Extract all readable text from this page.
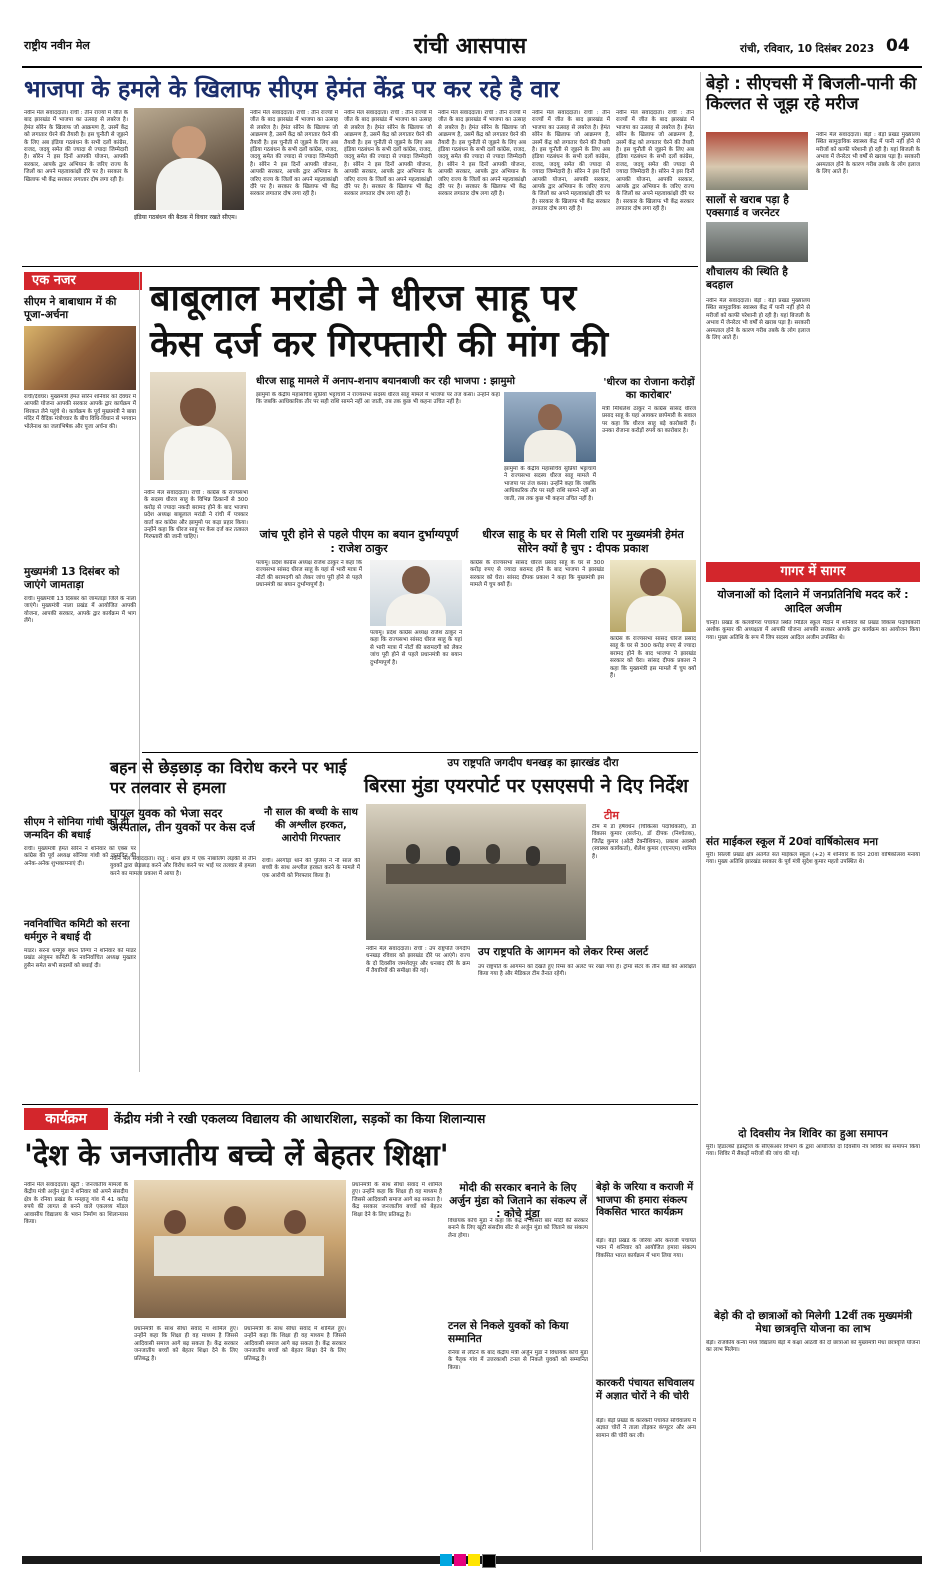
राष्ट्रीय नवीन मेल	रांची आसपास	रांची, रविवार, 10 दिसंबर 2023 04
भाजपा के हमले के खिलाफ सीएम हेमंत केंद्र पर कर रहे है वार
नवीन मेल संवाददाता। रांची : तीन राज्यों में जीत के बाद झारखंड में भाजपा का उत्साह से लबरेज है। हेमंत सोरेन के खिलाफ जो आक्रमण है, उसमें केंद्र को लगातार घेरने की तैयारी है। इस चुनौती से जूझने के लिए अब इंडिया गठबंधन के सभी दलों कांग्रेस, राजद, जदयू समेत की ज्यादा से ज्यादा जिम्मेदारी है। सोरेन ने इस दिनों आपकी योजना, आपकी सरकार, आपके द्वार अभियान के जरिए राज्य के जिलों का अपने महत्वाकांक्षी दौरे पर है। सरकार के खिलाफ भी केंद्र सरकार लगातार दोष लगा रही है।
इंडिया गठबंधन की बैठक में विचार रखते सीएम।
नवीन मेल संवाददाता। रांची : तीन राज्यों में जीत के बाद झारखंड में भाजपा का उत्साह से लबरेज है। हेमंत सोरेन के खिलाफ जो आक्रमण है, उसमें केंद्र को लगातार घेरने की तैयारी है। इस चुनौती से जूझने के लिए अब इंडिया गठबंधन के सभी दलों कांग्रेस, राजद, जदयू समेत की ज्यादा से ज्यादा जिम्मेदारी है। सोरेन ने इस दिनों आपकी योजना, आपकी सरकार, आपके द्वार अभियान के जरिए राज्य के जिलों का अपने महत्वाकांक्षी दौरे पर है। सरकार के खिलाफ भी केंद्र सरकार लगातार दोष लगा रही है।
नवीन मेल संवाददाता। रांची : तीन राज्यों में जीत के बाद झारखंड में भाजपा का उत्साह से लबरेज है। हेमंत सोरेन के खिलाफ जो आक्रमण है, उसमें केंद्र को लगातार घेरने की तैयारी है। इस चुनौती से जूझने के लिए अब इंडिया गठबंधन के सभी दलों कांग्रेस, राजद, जदयू समेत की ज्यादा से ज्यादा जिम्मेदारी है। सोरेन ने इस दिनों आपकी योजना, आपकी सरकार, आपके द्वार अभियान के जरिए राज्य के जिलों का अपने महत्वाकांक्षी दौरे पर है। सरकार के खिलाफ भी केंद्र सरकार लगातार दोष लगा रही है।
नवीन मेल संवाददाता। रांची : तीन राज्यों में जीत के बाद झारखंड में भाजपा का उत्साह से लबरेज है। हेमंत सोरेन के खिलाफ जो आक्रमण है, उसमें केंद्र को लगातार घेरने की तैयारी है। इस चुनौती से जूझने के लिए अब इंडिया गठबंधन के सभी दलों कांग्रेस, राजद, जदयू समेत की ज्यादा से ज्यादा जिम्मेदारी है। सोरेन ने इस दिनों आपकी योजना, आपकी सरकार, आपके द्वार अभियान के जरिए राज्य के जिलों का अपने महत्वाकांक्षी दौरे पर है। सरकार के खिलाफ भी केंद्र सरकार लगातार दोष लगा रही है।
नवीन मेल संवाददाता। रांची : तीन राज्यों में जीत के बाद झारखंड में भाजपा का उत्साह से लबरेज है। हेमंत सोरेन के खिलाफ जो आक्रमण है, उसमें केंद्र को लगातार घेरने की तैयारी है। इस चुनौती से जूझने के लिए अब इंडिया गठबंधन के सभी दलों कांग्रेस, राजद, जदयू समेत की ज्यादा से ज्यादा जिम्मेदारी है। सोरेन ने इस दिनों आपकी योजना, आपकी सरकार, आपके द्वार अभियान के जरिए राज्य के जिलों का अपने महत्वाकांक्षी दौरे पर है। सरकार के खिलाफ भी केंद्र सरकार लगातार दोष लगा रही है।
नवीन मेल संवाददाता। रांची : तीन राज्यों में जीत के बाद झारखंड में भाजपा का उत्साह से लबरेज है। हेमंत सोरेन के खिलाफ जो आक्रमण है, उसमें केंद्र को लगातार घेरने की तैयारी है। इस चुनौती से जूझने के लिए अब इंडिया गठबंधन के सभी दलों कांग्रेस, राजद, जदयू समेत की ज्यादा से ज्यादा जिम्मेदारी है। सोरेन ने इस दिनों आपकी योजना, आपकी सरकार, आपके द्वार अभियान के जरिए राज्य के जिलों का अपने महत्वाकांक्षी दौरे पर है। सरकार के खिलाफ भी केंद्र सरकार लगातार दोष लगा रही है।
एक नजर
सीएम ने बाबाधाम में की पूजा-अर्चना
रांची/देवघर। मुख्यमंत्री हेमंत सोरेन शनिवार को देवघर में आपकी योजना आपकी सरकार आपके द्वार कार्यक्रम में शिरकत लेने पहुंचे थे। कार्यक्रम के पूर्व मुख्यमंत्री ने बाबा मंदिर में वैदिक मंत्रोच्चार के बीच विधि-विधान से भगवान भोलेनाथ का जलाभिषेक और पूजा अर्चना की।
मुख्यमंत्री 13 दिसंबर को जाएंगे जामताड़ा
रांची। मुख्यमंत्री 13 दिसंबर को जामताड़ा जिले के नाला जाएंगे। मुख्यमंत्री नाला प्रखंड में आयोजित आपकी योजना, आपकी सरकार, आपके द्वार कार्यक्रम में भाग लेंगे।
सीएम ने सोनिया गांधी को दी जन्मदिन की बधाई
रांची। मुख्यमंत्री हेमंत सोरेन ने शनिवार को एक्स पर कांग्रेस की पूर्व अध्यक्ष सोनिया गांधी को जन्मदिन की अनेक-अनेक शुभकामनाएं दी।
नवनिर्वाचित कमिटी को सरना धर्मगुरु ने बधाई दी
मांडर। सरना धर्मगुरु बंधन तिग्गा ने शनिवार को मांडर प्रखंड अंजुमन कमिटी के नवनिर्वाचित अध्यक्ष मुख्तार हुसैन समेत सभी सदस्यों को बधाई दी।
बाबूलाल मरांडी ने धीरज साहू पर
केस दर्ज कर गिरफ्तारी की मांग की
नवीन मेल संवाददाता। रांची : कांग्रेस के राज्यसभा के सदस्य धीरज साहू के विभिन्न ठिकानों से 300 करोड़ से ज्यादा नकदी बरामद होने के बाद भाजपा प्रदेश अध्यक्ष बाबूलाल मरांडी ने रांची में पत्रकार वार्ता कर कांग्रेस और झामुमो पर कड़ा प्रहार किया। उन्होंने कहा कि धीरज साहू पर केस दर्ज कर तत्काल गिरफ्तारी की जानी चाहिए।
धीरज साहू मामले में अनाप-शनाप बयानबाजी कर रही भाजपा : झामुमो
झामुमो के केंद्रीय महासचिव सुप्रियो भट्टाचार्य ने राज्यसभा सदस्य धीरज साहू मामले में भाजपा पर तंज कसा। उन्होंने कहा कि जबकि आधिकारिक तौर पर सही राशि सामने नहीं आ जाती, तब तक कुछ भी कहना उचित नहीं है।
झामुमो के केंद्रीय महासचिव सुप्रियो भट्टाचार्य ने राज्यसभा सदस्य धीरज साहू मामले में भाजपा पर तंज कसा। उन्होंने कहा कि जबकि आधिकारिक तौर पर सही राशि सामने नहीं आ जाती, तब तक कुछ भी कहना उचित नहीं है।
'धीरज का रोजाना करोड़ों का कारोबार'
मंत्री मिथिलेश ठाकुर ने कांग्रेस सांसद धीरज प्रसाद साहू के यहां आयकर छापेमारी के सवाल पर कहा कि धीरज साहू बड़े कारोबारी हैं। उनका रोजाना करोड़ों रुपये का कारोबार है।
जांच पूरी होने से पहले पीएम का बयान दुर्भाग्यपूर्ण : राजेश ठाकुर
पलामू। प्रदेश कांग्रेस अध्यक्ष राजेश ठाकुर ने कहा कि राज्यसभा सांसद धीरज साहू के यहां से भारी मात्रा में नोटों की बरामदगी को लेकर जांच पूरी होने से पहले प्रधानमंत्री का बयान दुर्भाग्यपूर्ण है।
पलामू। प्रदेश कांग्रेस अध्यक्ष राजेश ठाकुर ने कहा कि राज्यसभा सांसद धीरज साहू के यहां से भारी मात्रा में नोटों की बरामदगी को लेकर जांच पूरी होने से पहले प्रधानमंत्री का बयान दुर्भाग्यपूर्ण है।
धीरज साहू के घर से मिली राशि पर मुख्यमंत्री हेमंत सोरेन क्यों है चुप : दीपक प्रकाश
कांग्रेस के राज्यसभा सांसद धीरज प्रसाद साहू के घर से 300 करोड़ रुपए से ज्यादा बरामद होने के बाद भाजपा ने झारखंड सरकार को घेरा। सांसद दीपक प्रकाश ने कहा कि मुख्यमंत्री इस मामले में चुप क्यों हैं।
कांग्रेस के राज्यसभा सांसद धीरज प्रसाद साहू के घर से 300 करोड़ रुपए से ज्यादा बरामद होने के बाद भाजपा ने झारखंड सरकार को घेरा। सांसद दीपक प्रकाश ने कहा कि मुख्यमंत्री इस मामले में चुप क्यों हैं।
बहन से छेड़छाड़ का विरोध करने पर भाई पर तलवार से हमला
घायल युवक को भेजा सदर अस्पताल, तीन युवकों पर केस दर्ज
नवीन मेल संवाददाता। रातू : थाना क्षेत्र में एक नाबालिग लड़की से तीन युवकों द्वारा छेड़छाड़ करने और विरोध करने पर भाई पर तलवार से हमला करने का मामला प्रकाश में आया है।
नौ साल की बच्ची के साथ की अश्लील हरकत, आरोपी गिरफ्तार
रांची। अरगोड़ा थाने की पुलिस ने नौ साल की बच्ची के साथ अश्लील हरकत करने के मामले में एक आरोपी को गिरफ्तार किया है।
उप राष्ट्रपति जगदीप धनखड़ का झारखंड दौरा
बिरसा मुंडा एयरपोर्ट पर एसएसपी ने दिए निर्देश
टीम
टीम में डॉ हर्षवर्धन (चिकित्सा पदाधिकारी), डॉ विकास कुमार (सर्जन), डॉ दीपक (निश्चेतक), जितेंद्र कुमार (ओटी टेक्नीशियन), प्रकाश अवस्थी (स्वास्थ्य कार्यकर्ता), शैलेश कुमार (एएनएम) शामिल हैं।
नवीन मेल संवाददाता। रांची : उप राष्ट्रपति जगदीप धनखड़ रविवार को झारखंड दौरे पर आएंगे। राज्य के दो दिवसीय जमशेदपुर और धनबाद दौरे के क्रम में तैयारियों की समीक्षा की गई।
उप राष्ट्रपति के आगमन को लेकर रिम्स अलर्ट
उप राष्ट्रपति के आगमन को देखते हुए रिम्स को अलर्ट पर रखा गया है। ट्रॉमा सेंटर के तीन बेडों को आरक्षित किया गया है और मेडिकल टीम तैनात रहेगी।
बेड़ो : सीएचसी में बिजली-पानी की किल्लत से जूझ रहे मरीज
सालों से खराब पड़ा है एक्सगार्ड व जरनेटर
शौचालय की स्थिति है बदहाल
नवीन मेल संवाददाता। बेड़ो : बेड़ो प्रखंड मुख्यालय स्थित सामुदायिक स्वास्थ्य केंद्र में पानी नहीं होने से मरीजों को काफी परेशानी हो रही है। यहां बिजली के अभाव में जेनरेटर भी वर्षों से खराब पड़ा है। सरकारी अस्पताल होने के कारण गरीब तबके के लोग इलाज के लिए आते हैं।
नवीन मेल संवाददाता। बेड़ो : बेड़ो प्रखंड मुख्यालय स्थित सामुदायिक स्वास्थ्य केंद्र में पानी नहीं होने से मरीजों को काफी परेशानी हो रही है। यहां बिजली के अभाव में जेनरेटर भी वर्षों से खराब पड़ा है। सरकारी अस्पताल होने के कारण गरीब तबके के लोग इलाज के लिए आते हैं।
गागर में सागर
योजनाओं को दिलाने में जनप्रतिनिधि मदद करें : आदिल अजीम
चान्हो। प्रखंड के कलवोगरा पंचायत स्थित मिडिल स्कूल मैदान में शनिवार को प्रखंड विकास पदाधिकारी अशोक कुमार की अध्यक्षता में आपकी योजना आपकी सरकार आपके द्वार कार्यक्रम का आयोजन किया गया। मुख्य अतिथि के रूप में जिप सदस्य आदिल अजीम उपस्थित थे।
संत माईकल स्कूल में 20वां वार्षिकोत्सव मना
मुरी। सिल्ली प्रखंड क्षेत्र अंतर्गत संत माईकल स्कूल (+2) में शनिवार के दिन 20वां वार्षिकोत्सव मनाया गया। मुख्य अतिथि झारखंड सरकार के पूर्व मंत्री सुदेश कुमार महतो उपस्थित थे।
दो दिवसीय नेत्र शिविर का हुआ समापन
मुरी। हिंडाल्को इंडस्ट्रीज के सीएसआर विभाग के द्वारा आयोजित दो दिवसीय नेत्र शिविर का समापन किया गया। शिविर में सैकड़ों मरीजों की जांच की गई।
बेड़ो की दो छात्राओं को मिलेगी 12वीं तक मुख्यमंत्री मेधा छात्रवृत्ति योजना का लाभ
बेड़ो। राजकीय कन्या मध्य विद्यालय बेड़ो में कक्षा आठवीं की दो छात्राओं को मुख्यमंत्री मेधा छात्रवृत्ति योजना का लाभ मिलेगा।
कार्यक्रम	केंद्रीय मंत्री ने रखी एकलव्य विद्यालय की आधारशिला, सड़कों का किया शिलान्यास
'देश के जनजातीय बच्चे लें बेहतर शिक्षा'
नवीन मेल संवाददाता। खूंटी : जनजातीय मामलों के केंद्रीय मंत्री अर्जुन मुंडा ने शनिवार को अपने संसदीय क्षेत्र के रनिया प्रखंड के मनहातू गांव में 41 करोड़ रुपये की लागत से बनने वाले एकलव्य मॉडल आवासीय विद्यालय के भवन निर्माण का शिलान्यास किया।
प्रधानमंत्री के साथ सीधा संवाद में शामिल हुए। उन्होंने कहा कि शिक्षा ही वह माध्यम है जिससे आदिवासी समाज आगे बढ़ सकता है। केंद्र सरकार जनजातीय बच्चों को बेहतर शिक्षा देने के लिए प्रतिबद्ध है।
प्रधानमंत्री के साथ सीधा संवाद में शामिल हुए। उन्होंने कहा कि शिक्षा ही वह माध्यम है जिससे आदिवासी समाज आगे बढ़ सकता है। केंद्र सरकार जनजातीय बच्चों को बेहतर शिक्षा देने के लिए प्रतिबद्ध है।
प्रधानमंत्री के साथ सीधा संवाद में शामिल हुए। उन्होंने कहा कि शिक्षा ही वह माध्यम है जिससे आदिवासी समाज आगे बढ़ सकता है। केंद्र सरकार जनजातीय बच्चों को बेहतर शिक्षा देने के लिए प्रतिबद्ध है।
मोदी की सरकार बनाने के लिए अर्जुन मुंडा को जिताने का संकल्प लें : कोचे मुंडा
विधायक कोचे मुंडा ने कहा कि केंद्र में तीसरी बार मोदी की सरकार बनाने के लिए खूंटी संसदीय सीट से अर्जुन मुंडा को जिताने का संकल्प लेना होगा।
टनल से निकले युवकों को किया सम्मानित
रनिया से लौटने के बाद केंद्रीय मंत्री अर्जुन मुंडा ने विधायक कोचे मुंडा के पैतृक गांव में उत्तरकाशी टनल से निकले युवकों को सम्मानित किया।
बेड़ो के जरिया व कराजी में भाजपा की हमारा संकल्प विकसित भारत कार्यक्रम
बेड़ो। बेड़ो प्रखंड के जरिया और कराजी पंचायत भवन में शनिवार को आयोजित हमारा संकल्प विकसित भारत कार्यक्रम में भाग लिया गया।
कारकरी पंचायत सचिवालय में अज्ञात चोरों ने की चोरी
बेड़ो। बेड़ो प्रखंड के कारकरी पंचायत सचिवालय में अज्ञात चोरों ने ताला तोड़कर कंप्यूटर और अन्य सामान की चोरी कर ली।
